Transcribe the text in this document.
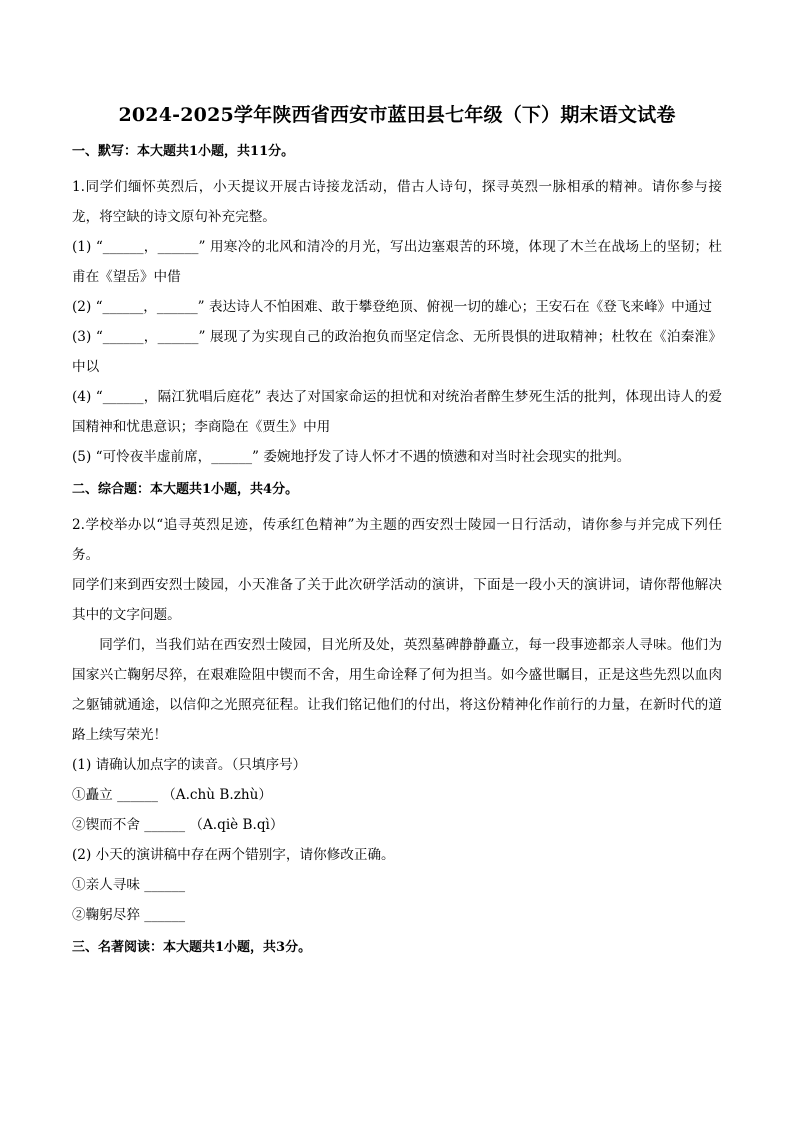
2024-2025学年陕西省西安市蓝田县七年级（下）期末语文试卷
一、默写：本大题共1小题，共11分。

1.同学们缅怀英烈后，小天提议开展古诗接龙活动，借古人诗句，探寻英烈一脉相承的精神。请你参与接龙，将空缺的诗文原句补充完整。

(1) “______，______” 用寒冷的北风和清冷的月光，写出边塞艰苦的环境，体现了木兰在战场上的坚韧；杜甫在《望岳》中借

(2) “______，______” 表达诗人不怕困难、敢于攀登绝顶、俯视一切的雄心；王安石在《登飞来峰》中通过

(3) “______，______” 展现了为实现自己的政治抱负而坚定信念、无所畏惧的进取精神；杜牧在《泊秦淮》中以

(4) “______，隔江犹唱后庭花” 表达了对国家命运的担忧和对统治者醉生梦死生活的批判，体现出诗人的爱国精神和忧患意识；李商隐在《贾生》中用

(5) “可怜夜半虚前席，______” 委婉地抒发了诗人怀才不遇的愤懑和对当时社会现实的批判。

二、综合题：本大题共1小题，共4分。

2.学校举办以“追寻英烈足迹，传承红色精神”为主题的西安烈士陵园一日行活动，请你参与并完成下列任务。

同学们来到西安烈士陵园，小天准备了关于此次研学活动的演讲，下面是一段小天的演讲词，请你帮他解决其中的文字问题。

同学们，当我们站在西安烈士陵园，目光所及处，英烈墓碑静静矗立，每一段事迹都亲人寻味。他们为国家兴亡鞠躬尽猝，在艰难险阻中锲而不舍，用生命诠释了何为担当。如今盛世瞩目，正是这些先烈以血肉之躯铺就通途，以信仰之光照亮征程。让我们铭记他们的付出，将这份精神化作前行的力量，在新时代的道路上续写荣光！

(1) 请确认加点字的读音。（只填序号）

①矗立 ______ （A.chù B.zhù）

②锲而不舍 ______ （A.qiè B.qì）

(2) 小天的演讲稿中存在两个错别字，请你修改正确。

①亲人寻味 ______

②鞠躬尽猝 ______

三、名著阅读：本大题共1小题，共3分。
